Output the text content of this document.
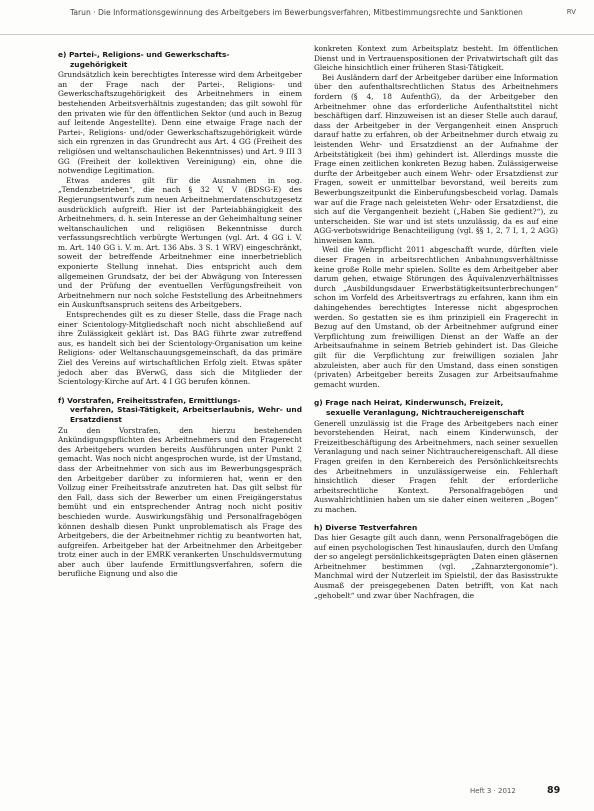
Tarun · Die Informationsgewinnung des Arbeitgebers im Bewerbungsverfahren, Mitbestimmungsrechte und Sanktionen	RV
e) Partei-, Religions- und Gewerkschafts-
zugehörigkeit

Grundsätzlich kein berechtigtes Interesse wird dem Arbeitgeber an der Frage nach der Partei-, Religions- und Gewerkschaftszugehörigkeit des Arbeitnehmers in einem bestehenden Arbeitsverhältnis zugestanden; das gilt sowohl für den privaten wie für den öffentlichen Sektor (und auch in Bezug auf leitende Angestellte). Denn eine etwaige Frage nach der Partei-, Religions- und/oder Gewerkschaftszugehörigkeit würde sich ein rgrenzen in das Grundrecht aus Art. 4 GG (Freiheit des religiösen und weltanschaulichen Bekenntnisses) und Art. 9 III 3 GG (Freiheit der kollektiven Vereinigung) ein, ohne die notwendige Legitimation.

Etwas anderes gilt für die Ausnahmen in sog. „Tendenzbetrieben“, die nach § 32 V, V (BDSG-E) des Regierungsentwurfs zum neuen Arbeitnehmerdatenschutzgesetz ausdrücklich aufgreift. Hier ist der Parteiabhängigkeit des Arbeitnehmers, d. h. sein Interesse an der Geheimhaltung seiner weltanschaulichen und religiösen Bekenntnisse durch verfassungsrechtlich verbürgte Wertungen (vgl. Art. 4 GG i. V. m. Art. 140 GG i. V. m. Art. 136 Abs. 3 S. 1 WRV) eingeschränkt, soweit der betreffende Arbeitnehmer eine innerbetrieblich exponierte Stellung innehat. Dies entspricht auch dem allgemeinen Grundsatz, der bei der Abwägung von Interessen und der Prüfung der eventuellen Verfügungsfreiheit von Arbeitnehmern nur noch solche Feststellung des Arbeitnehmers ein Auskunftsanspruch seitens des Arbeitgebers.

Entsprechendes gilt es zu dieser Stelle, dass die Frage nach einer Scientology-Mitgliedschaft noch nicht abschließend auf ihre Zulässigkeit geklärt ist. Das BAG führte zwar zutreffend aus, es handelt sich bei der Scientology-Organisation um keine Religions- oder Weltanschauungsgemeinschaft, da das primäre Ziel des Vereins auf wirtschaftlichen Erfolg zielt. Etwas später jedoch aber das BVerwG, dass sich die Mitglieder der Scientology-Kirche auf Art. 4 I GG berufen können.

f) Vorstrafen, Freiheitsstrafen, Ermittlungs-
verfahren, Stasi-Tätigkeit, Arbeitserlaubnis, Wehr- und Ersatzdienst

Zu den Vorstrafen, den hierzu bestehenden Ankündigungspflichten des Arbeitnehmers und den Fragerecht des Arbeitgebers wurden bereits Ausführungen unter Punkt 2 gemacht. Was noch nicht angesprochen wurde, ist der Umstand, dass der Arbeitnehmer von sich aus im Bewerbungsgespräch den Arbeitgeber darüber zu informieren hat, wenn er den Vollzug einer Freiheitsstrafe anzutreten hat. Das gilt selbst für den Fall, dass sich der Bewerber um einen Freigängerstatus bemüht und ein entsprechender Antrag noch nicht positiv beschieden wurde. Auswirkungsfähig und Personalfragebögen können deshalb diesen Punkt unproblematisch als Frage des Arbeitgebers, die der Arbeitnehmer richtig zu beantworten hat, aufgreifen. Arbeitgeber hat der Arbeitnehmer den Arbeitgeber trotz einer auch in der EMRK verankerten Unschuldsvermutung aber auch über laufende Ermittlungsverfahren, sofern die berufliche Eignung und also die

konkreten Kontext zum Arbeitsplatz besteht. Im öffentlichen Dienst und in Vertrauenspositionen der Privatwirtschaft gilt das Gleiche hinsichtlich einer früheren Stasi-Tätigkeit.

Bei Ausländern darf der Arbeitgeber darüber eine Information über den aufenthaltsrechtlichen Status des Arbeitnehmers fordern (§ 4, 18 AufenthG), da der Arbeitgeber den Arbeitnehmer ohne das erforderliche Aufenthaltstitel nicht beschäftigen darf. Hinzuweisen ist an dieser Stelle auch darauf, dass der Arbeitgeber in der Vergangenheit einen Anspruch darauf hatte zu erfahren, ob der Arbeitnehmer durch etwaig zu leistenden Wehr- und Ersatzdienst an der Aufnahme der Arbeitstätigkeit (bei ihm) gehindert ist. Allerdings musste die Frage einen zeitlichen konkreten Bezug haben. Zulässigerweise durfte der Arbeitgeber auch einem Wehr- oder Ersatzdienst zur Fragen, soweit er unmittelbar bevorstand, weil bereits zum Bewerbungszeitpunkt die Einberufungsbescheid vorlag. Damals war auf die Frage nach geleisteten Wehr- oder Ersatzdienst, die sich auf die Vergangenheit bezieht („Haben Sie gedient?“), zu unterscheiden. Sie war und ist stets unzulässig, da es auf eine AGG-verbotswidrige Benachteiligung (vgl. §§ 1, 2, 7 I, 1, 2 AGG) hinweisen kann.

Weil die Wehrpflicht 2011 abgeschafft wurde, dürften viele dieser Fragen in arbeitsrechtlichen Anbahnungsverhältnisse keine große Rolle mehr spielen. Sollte es dem Arbeitgeber aber darum gehen, etwaige Störungen des Äquivalenzverhältnisses durch „Ausbildungsdauer Erwerbstätigkeitsunterbrechungen“ schon im Vorfeld des Arbeitsvertrags zu erfahren, kann ihm ein dahingehendes berechtigtes Interesse nicht abgesprochen werden. So gestatten sie es ihm prinzipiell ein Fragerecht in Bezug auf den Umstand, ob der Arbeitnehmer aufgrund einer Verpflichtung zum freiwilligen Dienst an der Waffe an der Arbeitsaufnahme in seinem Betrieb gehindert ist. Das Gleiche gilt für die Verpflichtung zur freiwilligen sozialen Jahr abzuleisten, aber auch für den Umstand, dass einen sonstigen (privaten) Arbeitgeber bereits Zusagen zur Arbeitsaufnahme gemacht wurden.

g) Frage nach Heirat, Kinderwunsch, Freizeit,
sexuelle Veranlagung, Nichtrauchereigenschaft

Generell unzulässig ist die Frage des Arbeitgebers nach einer bevorstehenden Heirat, nach einem Kinderwunsch, der Freizeitbeschäftigung des Arbeitnehmers, nach seiner sexuellen Veranlagung und nach seiner Nichtrauchereigenschaft. All diese Fragen greifen in den Kernbereich des Persönlichkeitsrechts des Arbeitnehmers in unzulässigerweise ein. Fehlerhaft hinsichtlich dieser Fragen fehlt der erforderliche arbeitsrechtliche Kontext. Personalfragebögen und Auswahlrichtlinien haben um sie daher einen weiteren „Bogen“ zu machen.

h) Diverse Testverfahren

Das hier Gesagte gilt auch dann, wenn Personalfragebögen die auf einen psychologischen Test hinauslaufen, durch den Umfang der so angelegt persönlichkeitsgeprägten Daten einen gläsernen Arbeitnehmer bestimmen (vgl. „Zahnarztergonomie“). Manchmal wird der Nutzerleit im Spielstil, der das Basisstrukte Ausmaß der preisgegebenen Daten betrifft, von Kat nach „gehobelt“ und zwar über Nachfragen, die

Heft 3 · 2012	89
